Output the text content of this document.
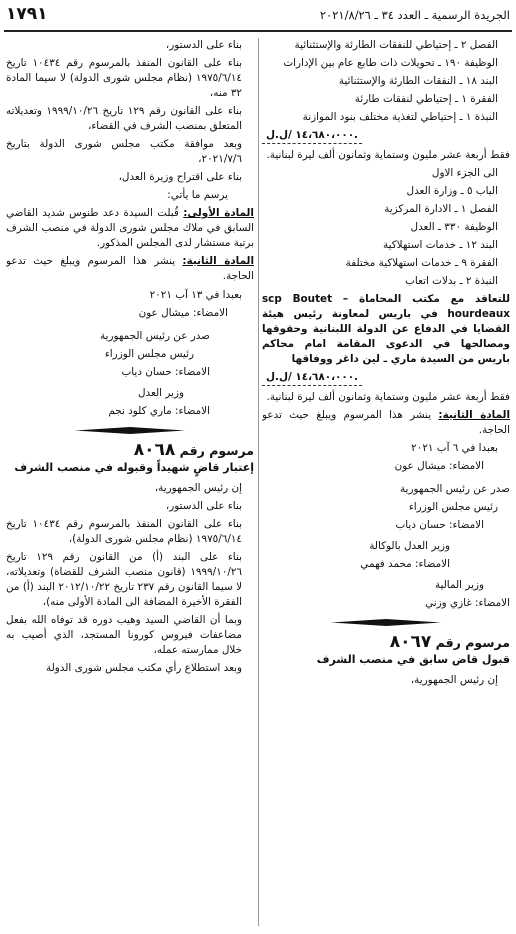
١٧٩١	الجريدة الرسمية ـ العدد ٣٤ ـ ٢٠٢١/٨/٢٦

الفصل ٢ ـ إحتياطي للنفقات الطارئة والإستثنائية

الوظيفة ١٩٠ ـ تحويلات ذات طابع عام بين الإدارات

البند ١٨ ـ النفقات الطارئة والإستثنائية

الفقرة ١ ـ إحتياطي لنفقات طارئة

النبذة ١ ـ إحتياطي لتغذية مختلف بنود الموازنة

١٤،٦٨٠،٠٠٠ /ل.ل.

فقط أربعة عشر مليون وستماية وثمانون ألف ليرة لبنانية.

الى الجزء الاول

الباب ٥ ـ وزارة العدل

الفصل ١ ـ الادارة المركزية

الوظيفة ٣٣٠ ـ العدل

البند ١٢ ـ خدمات استهلاكية

الفقرة ٩ ـ خدمات استهلاكية مختلفة

النبذة ٢ ـ بدلات اتعاب

للتعاقد مع مكتب المحاماة – scp Boutet hourdeaux في باريس لمعاونة رئيس هيئة القضايا في الدفاع عن الدولة اللبنانية وحقوقها ومصالحها في الدعوى المقامة امام محاكم باريس من السيدة ماري ـ لين داغر ووفاقها

١٤،٦٨٠،٠٠٠ /ل.ل.

فقط أربعة عشر مليون وستماية وثمانون ألف ليرة لبنانية.

المادة الثانية: ينشر هذا المرسوم ويبلغ حيث تدعو الحاجة.

بعبدا في ٦ آب ٢٠٢١

الامضاء: ميشال عون

صدر عن رئيس الجمهورية

رئيس مجلس الوزراء

الامضاء: حسان دياب

وزير العدل بالوكالة

الامضاء: محمد فهمي

وزير المالية

الامضاء: غازي وزني

مرسوم رقم ٨٠٦٧
قبول قاض سابق في منصب الشرف

إن رئيس الجمهورية،

بناء على الدستور،

بناء على القانون المنفذ بالمرسوم رقم ١٠٤٣٤ تاريخ ١٩٧٥/٦/١٤ (نظام مجلس شورى الدولة) لا سيما المادة ٣٢ منه،

بناء على القانون رقم ١٢٩ تاريخ ١٩٩٩/١٠/٢٦ وتعديلاته المتعلق بمنصب الشرف في القضاء،

وبعد موافقة مكتب مجلس شورى الدولة بتاريخ ٢٠٢١/٧/٦،

بناء على اقتراح وزيرة العدل،

يرسم ما يأتي:

المادة الأولى: قُبلت السيدة دعد طنوس شديد القاضي السابق في ملاك مجلس شورى الدولة في منصب الشرف برتبة مستشار لدى المجلس المذكور.

المادة الثانية: ينشر هذا المرسوم ويبلغ حيث تدعو الحاجة.

بعبدا في ١٣ آب ٢٠٢١

الامضاء: ميشال عون

صدر عن رئيس الجمهورية

رئيس مجلس الوزراء

الامضاء: حسان دياب

وزير العدل

الامضاء: ماري كلود نجم

مرسوم رقم ٨٠٦٨
إعتبار قاضٍ شهيداً وقبوله في منصب الشرف

إن رئيس الجمهورية،

بناء على الدستور،

بناء على القانون المنفذ بالمرسوم رقم ١٠٤٣٤ تاريخ ١٩٧٥/٦/١٤ (نظام مجلس شورى الدولة)،

بناء على البند (أ) من القانون رقم ١٢٩ تاريخ ١٩٩٩/١٠/٢٦ (قانون منصب الشرف للقضاة) وتعديلاته، لا سيما القانون رقم ٢٣٧ تاريخ ٢٠١٢/١٠/٢٢ البند (أ) من الفقرة الأخيرة المضافة الى المادة الأولى منه)،

وبما أن القاضي السيد وهيب دوره قد توفاه الله بفعل مضاعفات فيروس كورونا المستجد، الذي أصيب به خلال ممارسته عمله،

وبعد استطلاع رأي مكتب مجلس شورى الدولة
